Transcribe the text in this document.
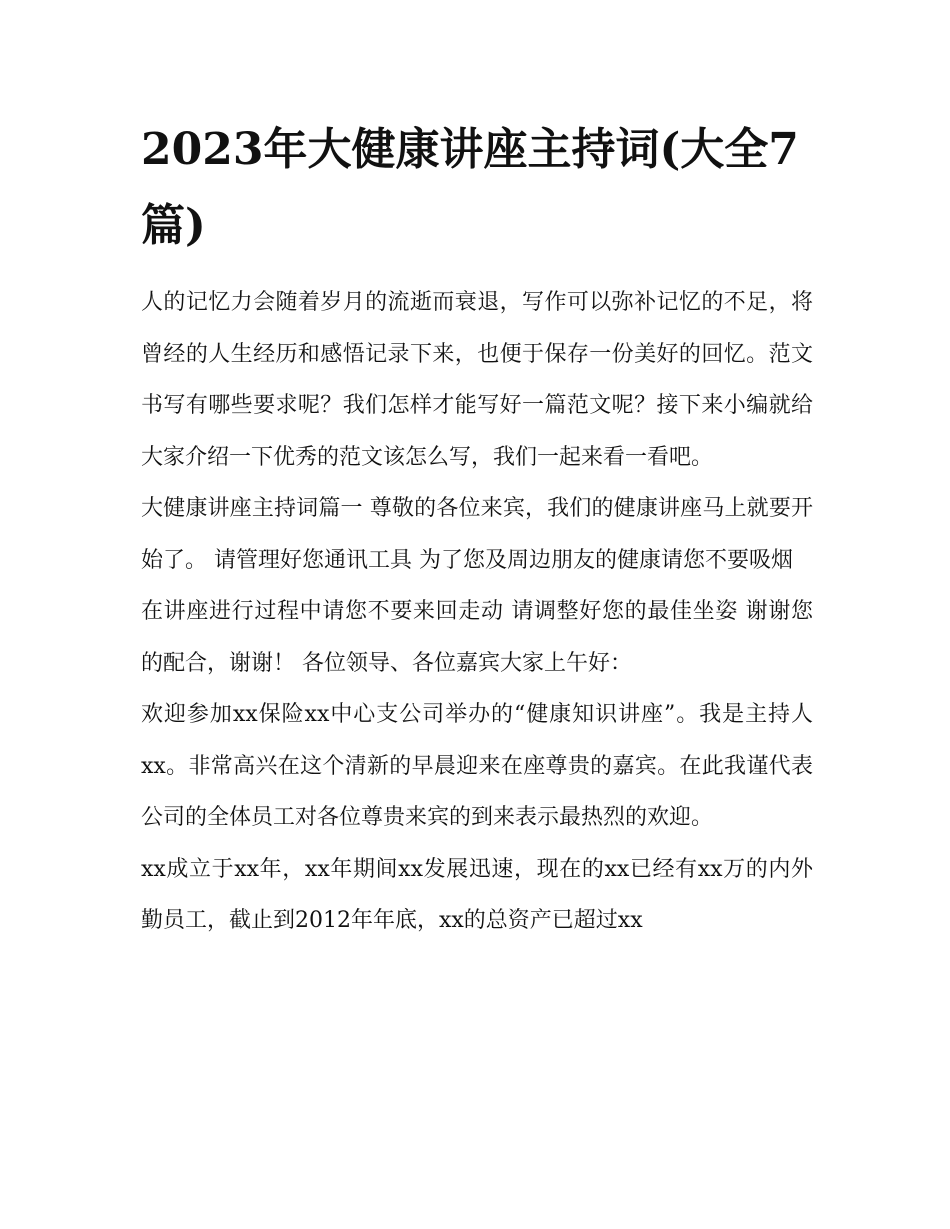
2023年大健康讲座主持词(大全7篇)

人的记忆力会随着岁月的流逝而衰退，写作可以弥补记忆的不足，将曾经的人生经历和感悟记录下来，也便于保存一份美好的回忆。范文书写有哪些要求呢？我们怎样才能写好一篇范文呢？接下来小编就给大家介绍一下优秀的范文该怎么写，我们一起来看一看吧。

大健康讲座主持词篇一 尊敬的各位来宾，我们的健康讲座马上就要开始了。 请管理好您通讯工具 为了您及周边朋友的健康请您不要吸烟

在讲座进行过程中请您不要来回走动 请调整好您的最佳坐姿 谢谢您的配合，谢谢！ 各位领导、各位嘉宾大家上午好：

欢迎参加xx保险xx中心支公司举办的“健康知识讲座”。我是主持人xx。非常高兴在这个清新的早晨迎来在座尊贵的嘉宾。在此我谨代表公司的全体员工对各位尊贵来宾的到来表示最热烈的欢迎。

xx成立于xx年，xx年期间xx发展迅速，现在的xx已经有xx万的内外勤员工，截止到2012年年底，xx的总资产已超过xx
